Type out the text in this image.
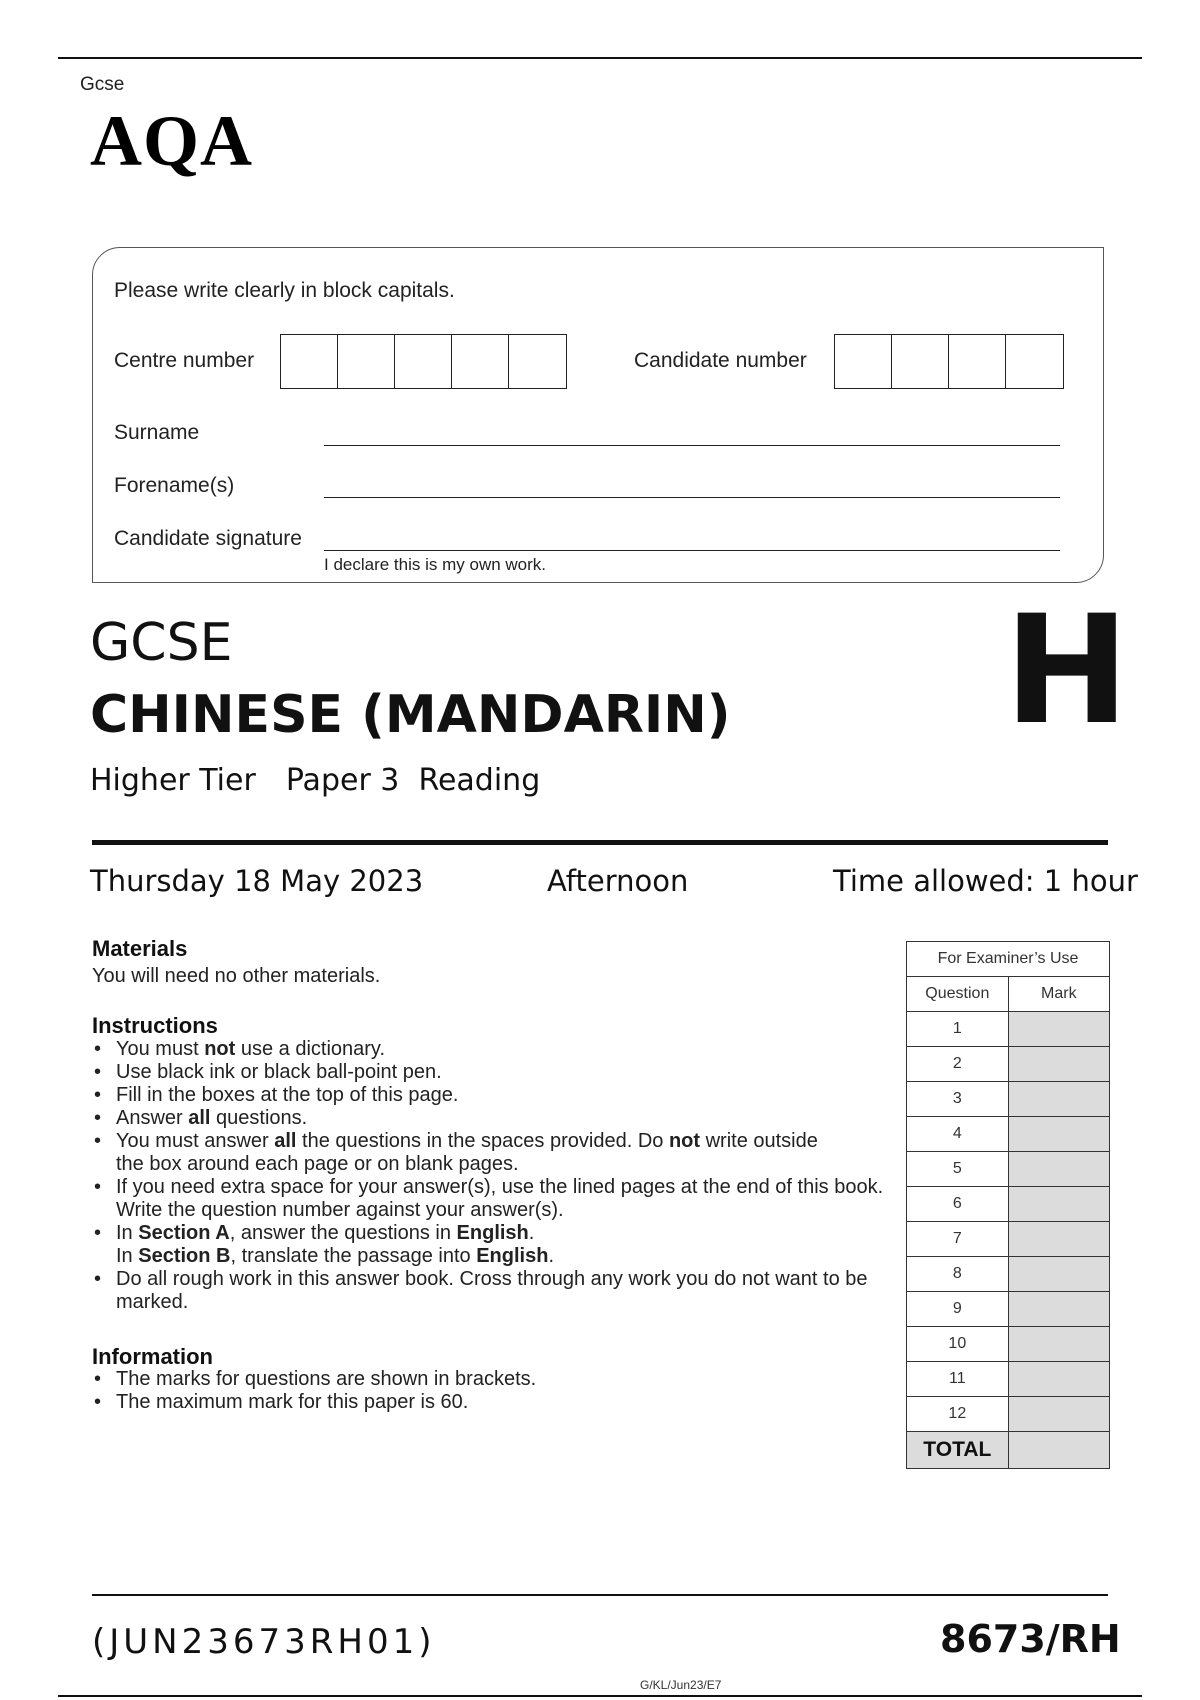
Gcse
AQA
Please write clearly in block capitals.
Centre number	Candidate number
Surname
Forename(s)
Candidate signature
I declare this is my own work.
GCSE
CHINESE (MANDARIN)
Higher Tier Paper 3  Reading
H
Thursday 18 May 2023	Afternoon	Time allowed: 1 hour
Materials
You will need no other materials.
Instructions
• You must not use a dictionary.
• Use black ink or black ball-point pen.
• Fill in the boxes at the top of this page.
• Answer all questions.
• You must answer all the questions in the spaces provided. Do not write outside the box around each page or on blank pages.
• If you need extra space for your answer(s), use the lined pages at the end of this book. Write the question number against your answer(s).
• In Section A, answer the questions in English.
In Section B, translate the passage into English.
• Do all rough work in this answer book. Cross through any work you do not want to be marked.
Information
• The marks for questions are shown in brackets.
• The maximum mark for this paper is 60.
For Examiner’s Use	
Question	Mark
1	
2	
3	
4	
5	
6	
7	
8	
9	
10	
11	
12	
TOTAL	
(JUN23673RH01)	8673/RH
G/KL/Jun23/E7
